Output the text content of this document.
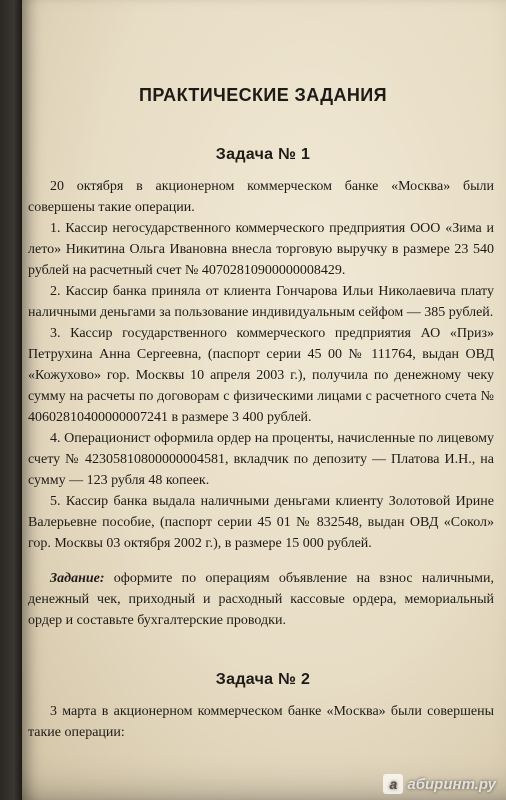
ПРАКТИЧЕСКИЕ ЗАДАНИЯ
Задача № 1

20 октября в акционерном коммерческом банке «Москва» были совершены такие операции.

1. Кассир негосударственного коммерческого предприятия ООО «Зима и лето» Никитина Ольга Ивановна внесла торговую выручку в размере 23 540 рублей на расчетный счет № 40702810900000008429.

2. Кассир банка приняла от клиента Гончарова Ильи Николаевича плату наличными деньгами за пользование индивидуальным сейфом — 385 рублей.

3. Кассир государственного коммерческого предприятия АО «Приз» Петрухина Анна Сергеевна, (паспорт серии 45 00 № 111764, выдан ОВД «Кожухово» гор. Москвы 10 апреля 2003 г.), получила по денежному чеку сумму на расчеты по договорам с физическими лицами с расчетного счета № 40602810400000007241 в размере 3 400 рублей.

4. Операционист оформила ордер на проценты, начисленные по лицевому счету № 42305810800000004581, вкладчик по депозиту — Платова И.Н., на сумму — 123 рубля 48 копеек.

5. Кассир банка выдала наличными деньгами клиенту Золотовой Ирине Валерьевне пособие, (паспорт серии 45 01 № 832548, выдан ОВД «Сокол» гор. Москвы 03 октября 2002 г.), в размере 15 000 рублей.

Задание: оформите по операциям объявление на взнос наличными, денежный чек, приходный и расходный кассовые ордера, мемориальный ордер и составьте бухгалтерские проводки.

Задача № 2

3 марта в акционерном коммерческом банке «Москва» были совершены такие операции:

a абиринт.ру
